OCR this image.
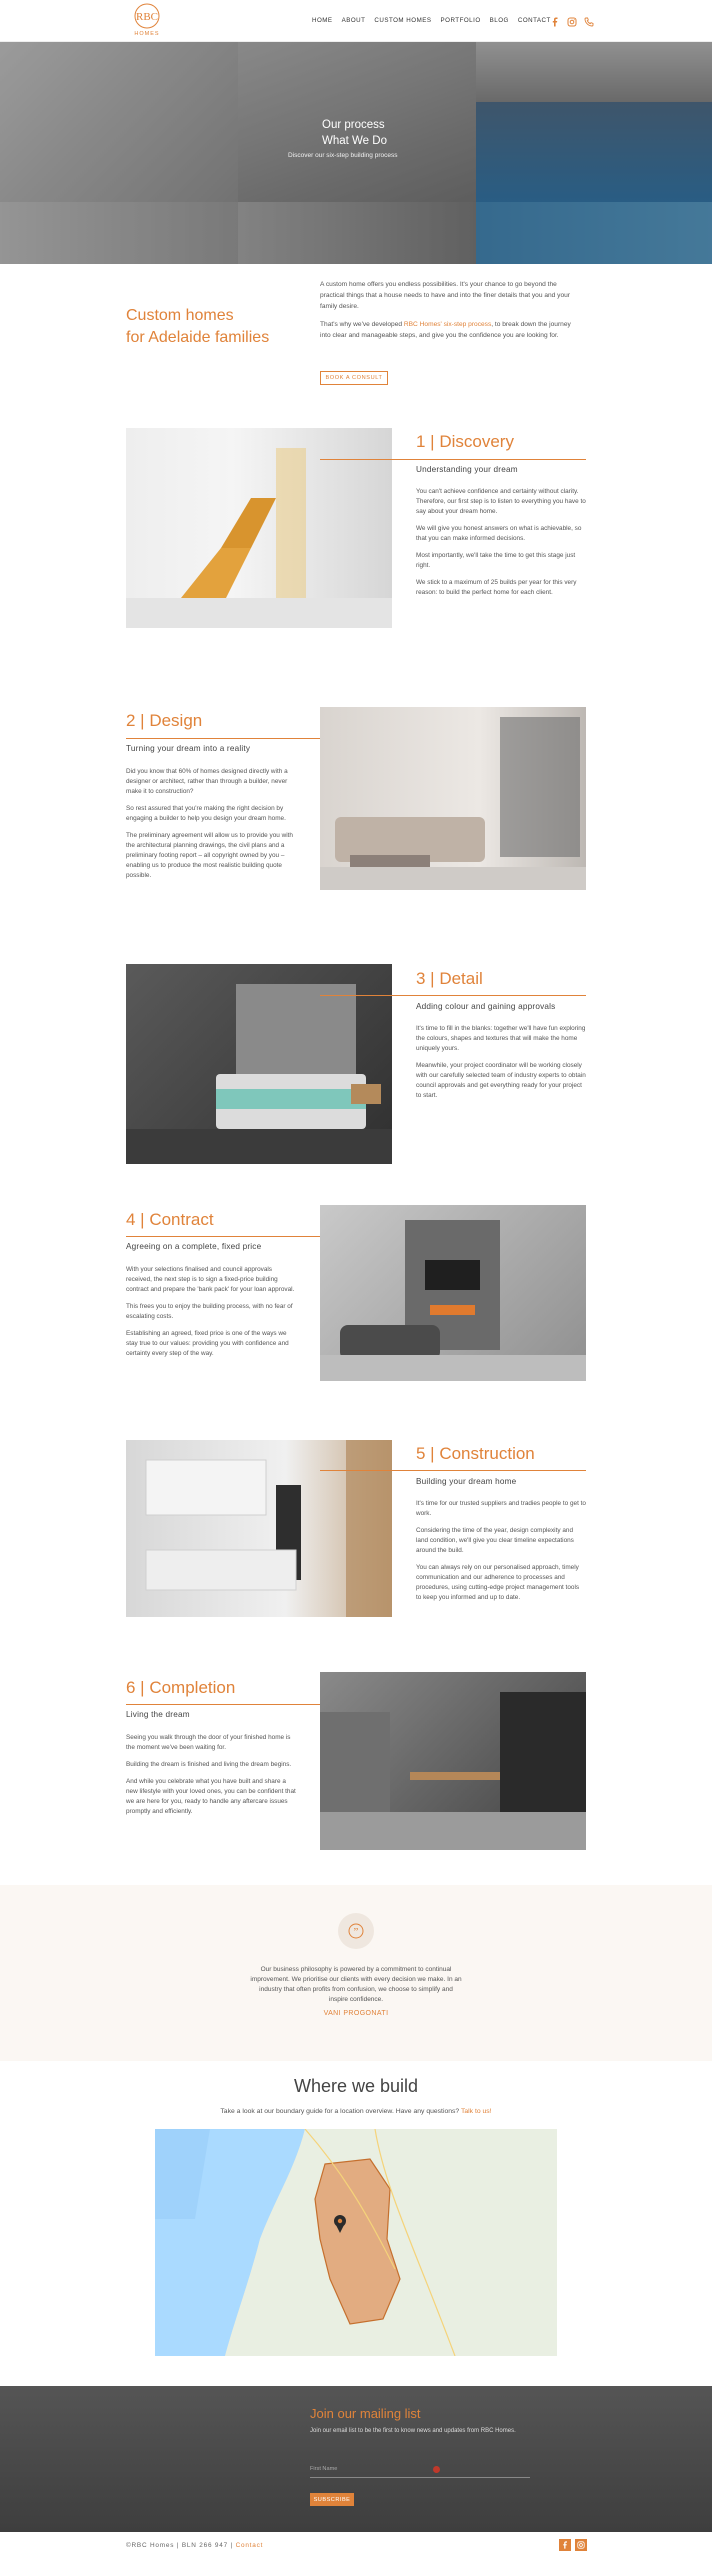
RBC
HOMES
HOME ABOUT CUSTOM HOMES PORTFOLIO BLOG CONTACT
Our process
What We Do
Discover our six-step building process
Custom homes
for Adelaide families

A custom home offers you endless possibilities. It's your chance to go beyond the practical things that a house needs to have and into the finer details that you and your family desire.

That's why we've developed RBC Homes' six-step process, to break down the journey into clear and manageable steps, and give you the confidence you are looking for.

BOOK A CONSULT
1 | Discovery
Understanding your dream

You can't achieve confidence and certainty without clarity. Therefore, our first step is to listen to everything you have to say about your dream home.

We will give you honest answers on what is achievable, so that you can make informed decisions.

Most importantly, we'll take the time to get this stage just right.

We stick to a maximum of 25 builds per year for this very reason: to build the perfect home for each client.

2 | Design
Turning your dream into a reality

Did you know that 60% of homes designed directly with a designer or architect, rather than through a builder, never make it to construction?

So rest assured that you're making the right decision by engaging a builder to help you design your dream home.

The preliminary agreement will allow us to provide you with the architectural planning drawings, the civil plans and a preliminary footing report – all copyright owned by you – enabling us to produce the most realistic building quote possible.

3 | Detail
Adding colour and gaining approvals

It's time to fill in the blanks: together we'll have fun exploring the colours, shapes and textures that will make the home uniquely yours.

Meanwhile, your project coordinator will be working closely with our carefully selected team of industry experts to obtain council approvals and get everything ready for your project to start.

4 | Contract
Agreeing on a complete, fixed price

With your selections finalised and council approvals received, the next step is to sign a fixed-price building contract and prepare the 'bank pack' for your loan approval.

This frees you to enjoy the building process, with no fear of escalating costs.

Establishing an agreed, fixed price is one of the ways we stay true to our values: providing you with confidence and certainty every step of the way.

5 | Construction
Building your dream home

It's time for our trusted suppliers and tradies people to get to work.

Considering the time of the year, design complexity and land condition, we'll give you clear timeline expectations around the build.

You can always rely on our personalised approach, timely communication and our adherence to processes and procedures, using cutting-edge project management tools to keep you informed and up to date.

6 | Completion
Living the dream

Seeing you walk through the door of your finished home is the moment we've been waiting for.

Building the dream is finished and living the dream begins.

And while you celebrate what you have built and share a new lifestyle with your loved ones, you can be confident that we are here for you, ready to handle any aftercare issues promptly and efficiently.

”
Our business philosophy is powered by a commitment to continual improvement. We prioritise our clients with every decision we make. In an industry that often profits from confusion, we choose to simplify and inspire confidence.
VANI PROGONATI
Where we build
Take a look at our boundary guide for a location overview. Have any questions? Talk to us!
Join our mailing list
Join our email list to be the first to know news and updates from RBC Homes.
First Name
SUBSCRIBE
©RBC Homes | BLN 266 947 | Contact
